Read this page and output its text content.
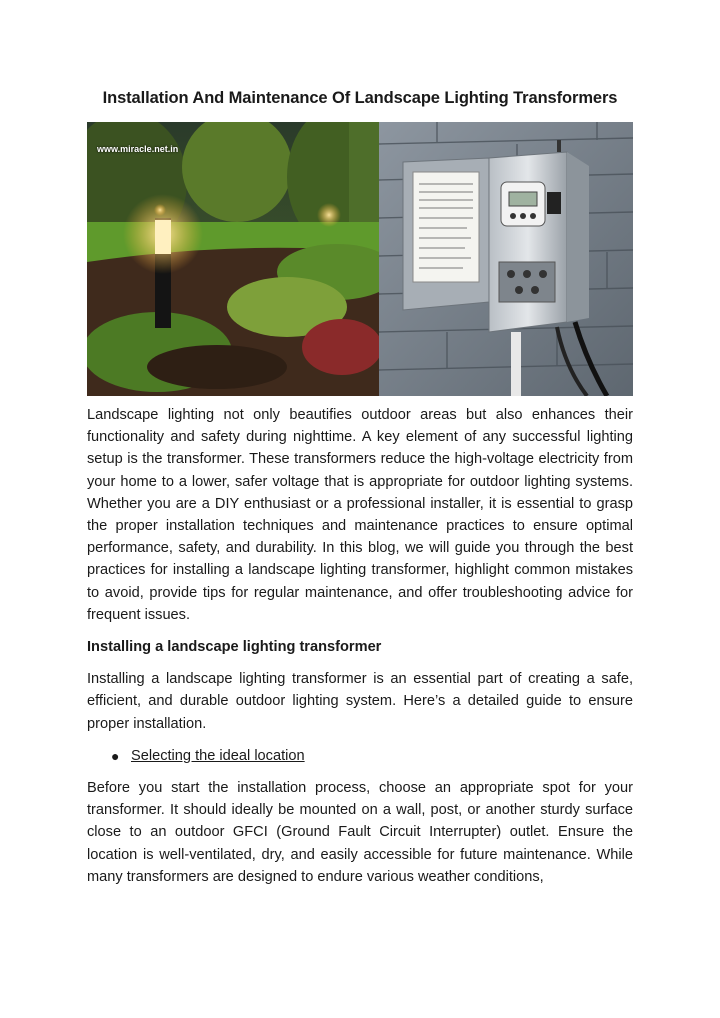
Installation And Maintenance Of Landscape Lighting Transformers
www.miracle.net.in

Landscape lighting not only beautifies outdoor areas but also enhances their functionality and safety during nighttime. A key element of any successful lighting setup is the transformer. These transformers reduce the high-voltage electricity from your home to a lower, safer voltage that is appropriate for outdoor lighting systems. Whether you are a DIY enthusiast or a professional installer, it is essential to grasp the proper installation techniques and maintenance practices to ensure optimal performance, safety, and durability. In this blog, we will guide you through the best practices for installing a landscape lighting transformer, highlight common mistakes to avoid, provide tips for regular maintenance, and offer troubleshooting advice for frequent issues.

Installing a landscape lighting transformer

Installing a landscape lighting transformer is an essential part of creating a safe, efficient, and durable outdoor lighting system. Here’s a detailed guide to ensure proper installation.

● Selecting the ideal location

Before you start the installation process, choose an appropriate spot for your transformer. It should ideally be mounted on a wall, post, or another sturdy surface close to an outdoor GFCI (Ground Fault Circuit Interrupter) outlet. Ensure the location is well-ventilated, dry, and easily accessible for future maintenance. While many transformers are designed to endure various weather conditions,
